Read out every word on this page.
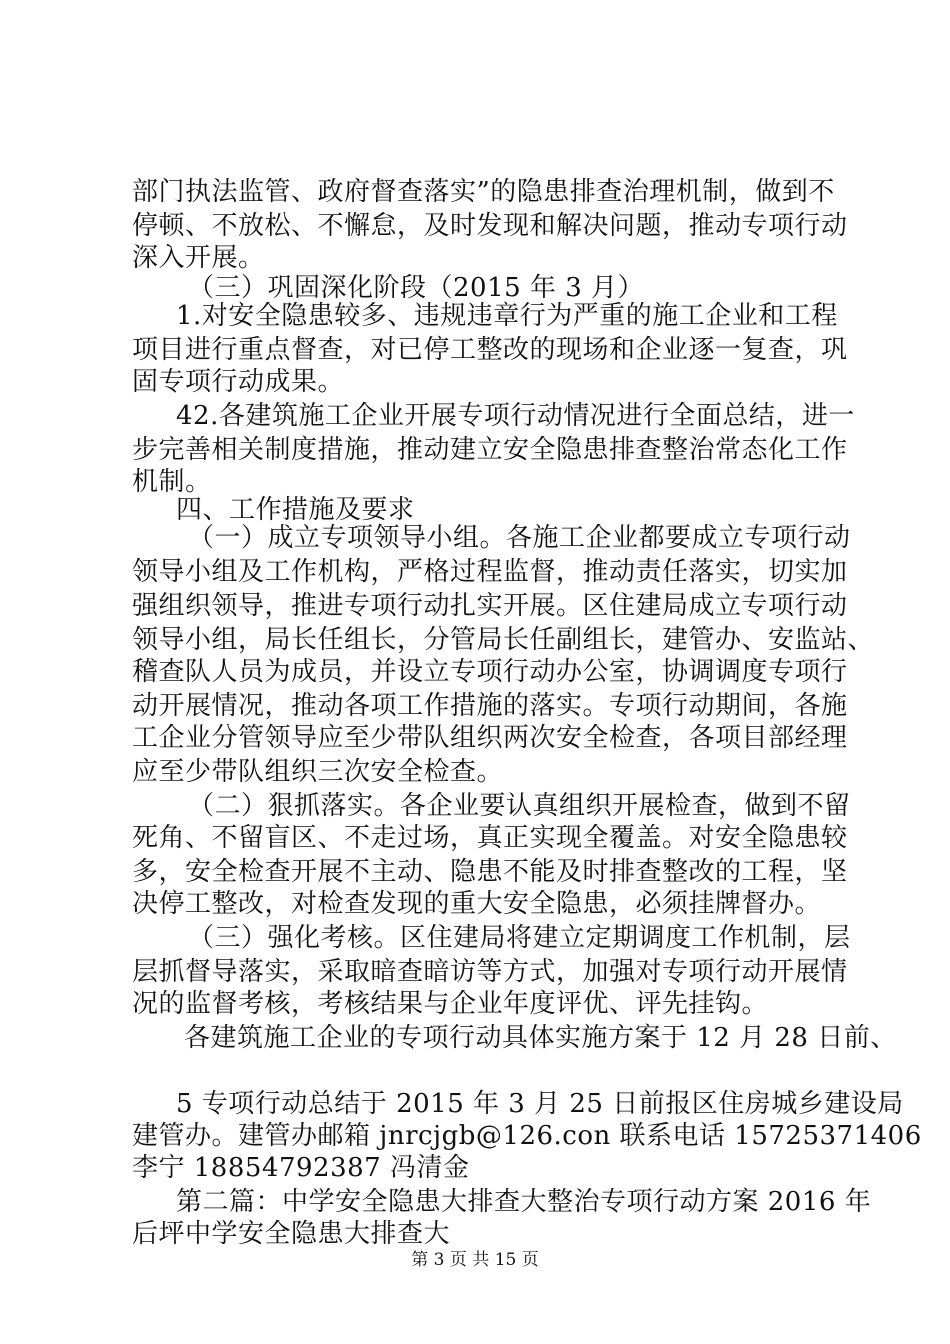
部门执法监管、政府督查落实”的隐患排查治理机制，做到不
停顿、不放松、不懈怠，及时发现和解决问题，推动专项行动
深入开展。
（三）巩固深化阶段（2015 年 3 月）
1.对安全隐患较多、违规违章行为严重的施工企业和工程
项目进行重点督查，对已停工整改的现场和企业逐一复查，巩
固专项行动成果。
42.各建筑施工企业开展专项行动情况进行全面总结，进一
步完善相关制度措施，推动建立安全隐患排查整治常态化工作
机制。
四、工作措施及要求
（一）成立专项领导小组。各施工企业都要成立专项行动
领导小组及工作机构，严格过程监督，推动责任落实，切实加
强组织领导，推进专项行动扎实开展。区住建局成立专项行动
领导小组，局长任组长，分管局长任副组长，建管办、安监站、
稽查队人员为成员，并设立专项行动办公室，协调调度专项行
动开展情况，推动各项工作措施的落实。专项行动期间，各施
工企业分管领导应至少带队组织两次安全检查，各项目部经理
应至少带队组织三次安全检查。
（二）狠抓落实。各企业要认真组织开展检查，做到不留
死角、不留盲区、不走过场，真正实现全覆盖。对安全隐患较
多，安全检查开展不主动、隐患不能及时排查整改的工程，坚
决停工整改，对检查发现的重大安全隐患，必须挂牌督办。
（三）强化考核。区住建局将建立定期调度工作机制，层
层抓督导落实，采取暗查暗访等方式，加强对专项行动开展情
况的监督考核，考核结果与企业年度评优、评先挂钩。
各建筑施工企业的专项行动具体实施方案于 12 月 28 日前、
5 专项行动总结于 2015 年 3 月 25 日前报区住房城乡建设局
建管办。建管办邮箱 jnrcjgb@126.con 联系电话 15725371406
李宁 18854792387 冯清金
第二篇：中学安全隐患大排查大整治专项行动方案 2016 年
后坪中学安全隐患大排查大
第 3 页 共 15 页
